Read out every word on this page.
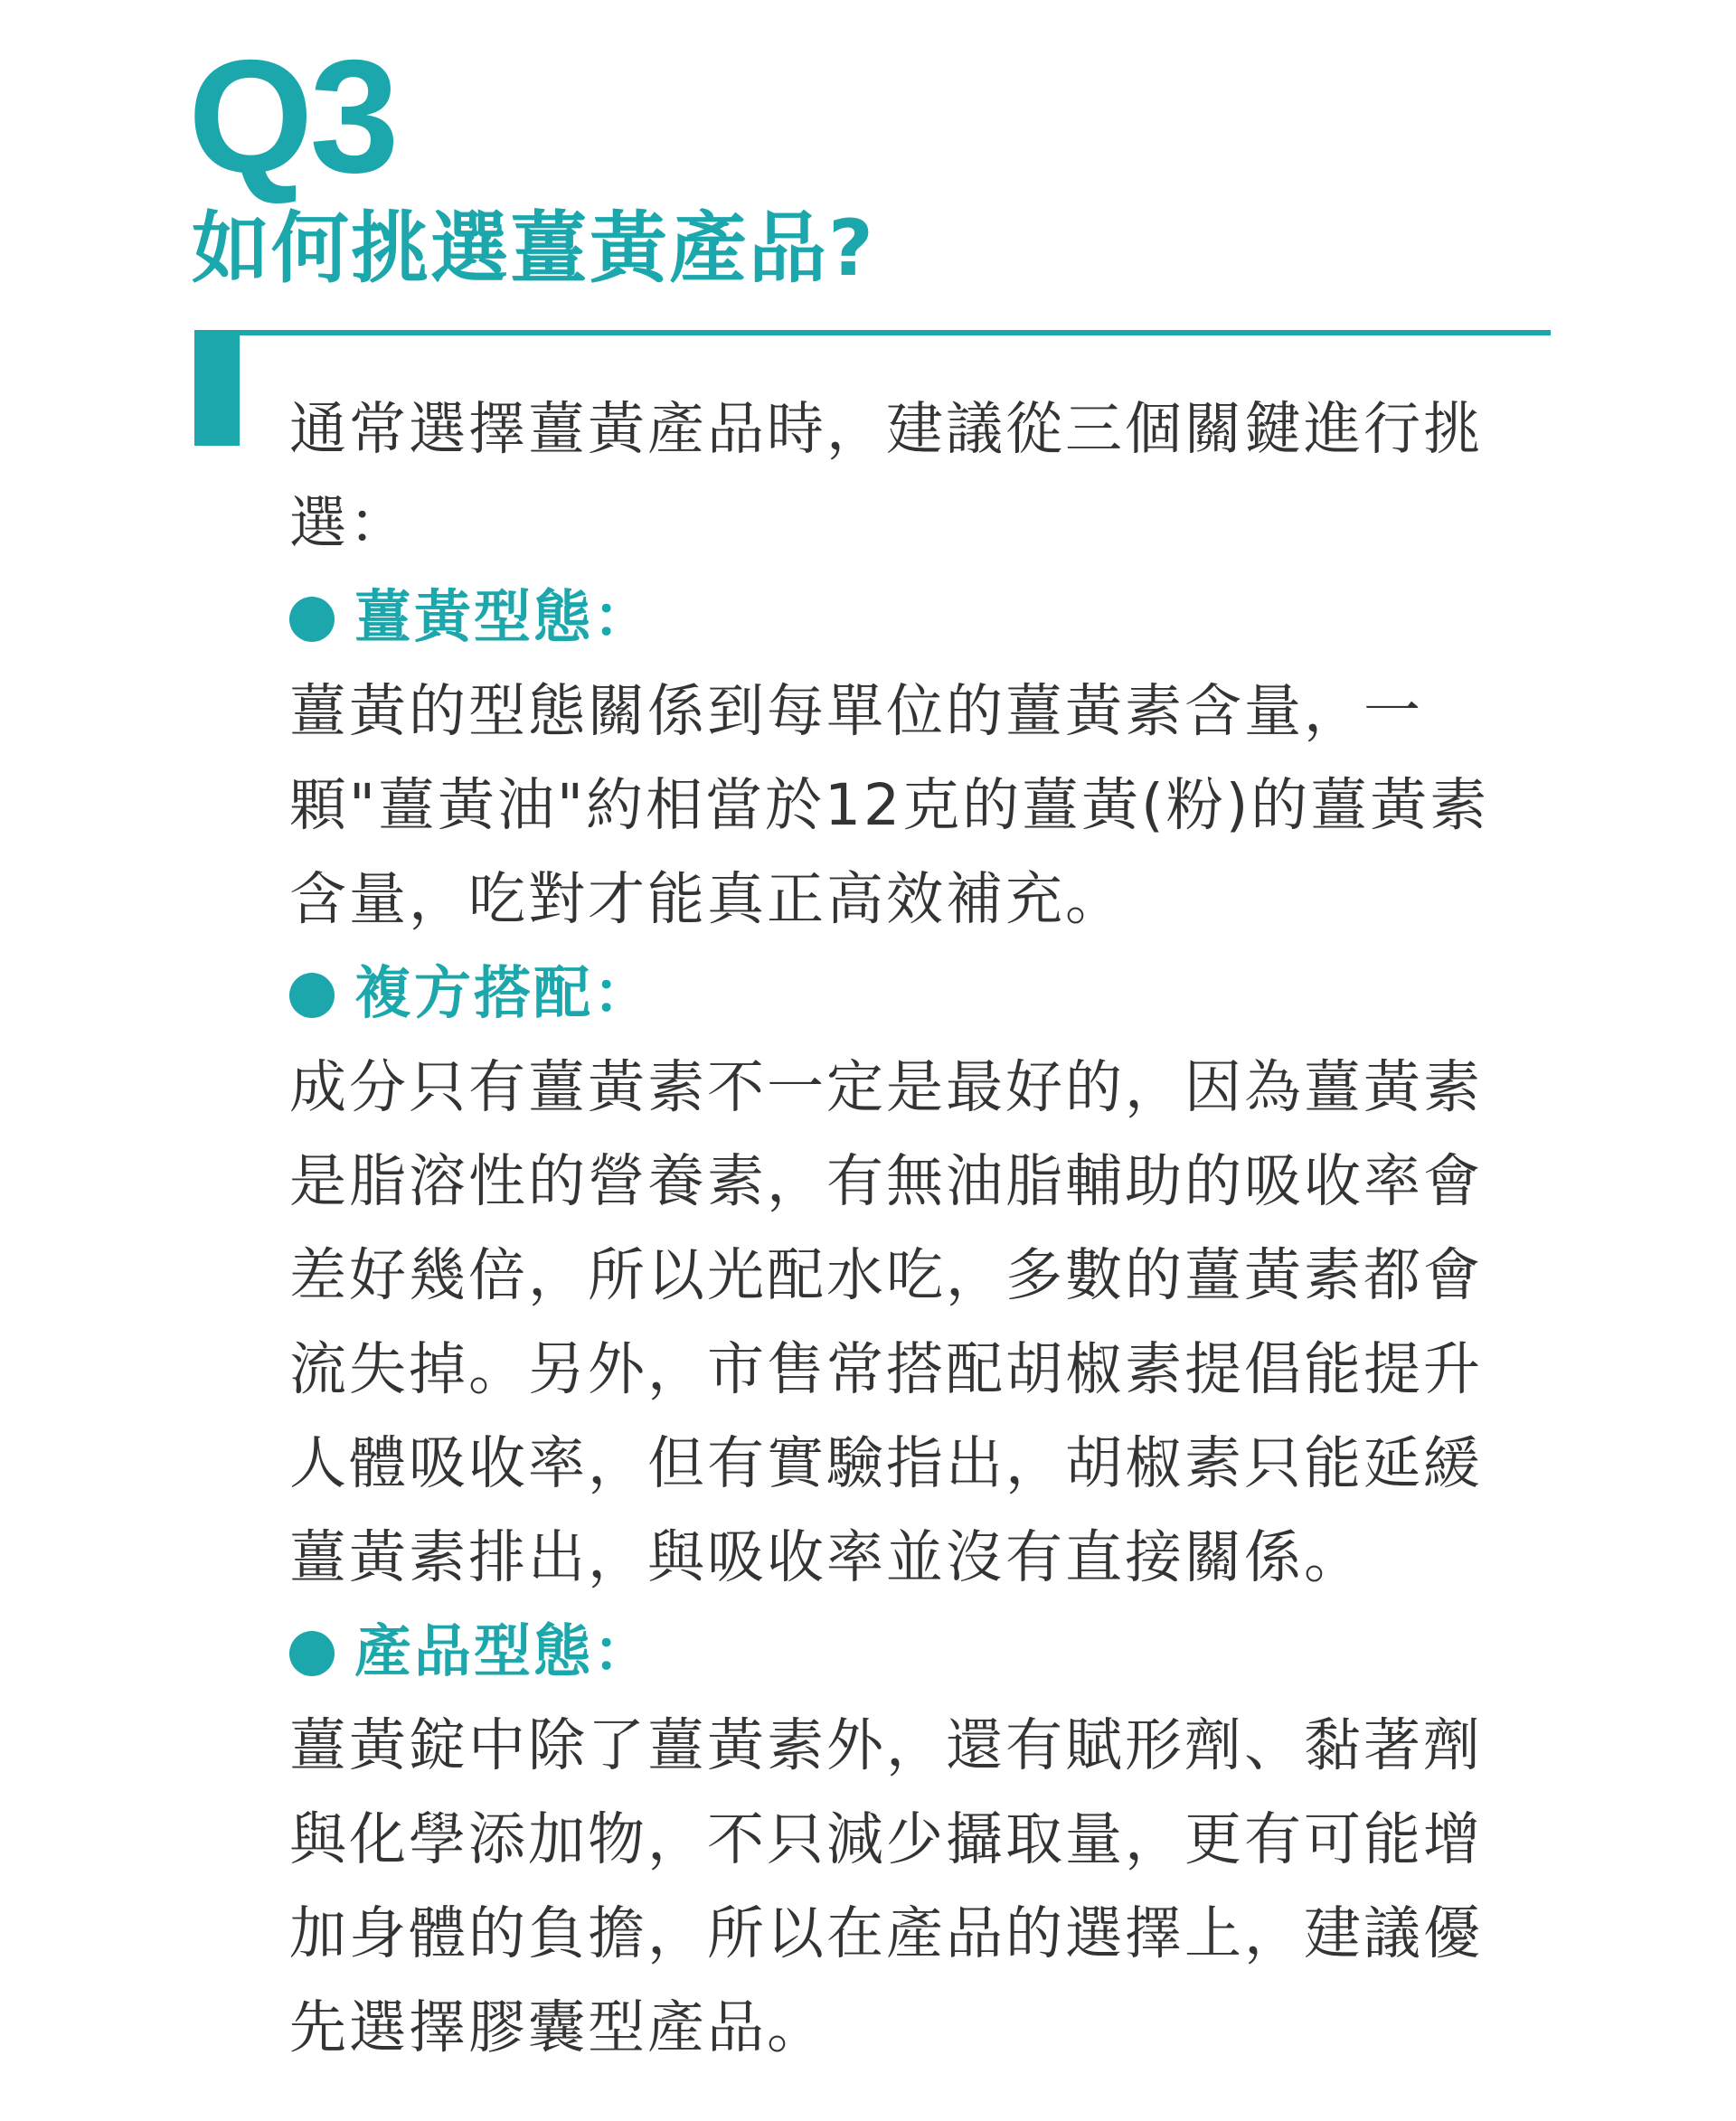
Q3
如何挑選薑黃產品?

通常選擇薑黃產品時，建議從三個關鍵進行挑選：

薑黃型態：

薑黃的型態關係到每單位的薑黃素含量，一顆"薑黃油"約相當於12克的薑黃(粉)的薑黃素含量，吃對才能真正高效補充。

複方搭配：

成分只有薑黃素不一定是最好的，因為薑黃素是脂溶性的營養素，有無油脂輔助的吸收率會差好幾倍，所以光配水吃，多數的薑黃素都會流失掉。另外，市售常搭配胡椒素提倡能提升人體吸收率，但有實驗指出，胡椒素只能延緩薑黃素排出，與吸收率並沒有直接關係。

產品型態：

薑黃錠中除了薑黃素外，還有賦形劑、黏著劑與化學添加物，不只減少攝取量，更有可能增加身體的負擔，所以在產品的選擇上，建議優先選擇膠囊型產品。
